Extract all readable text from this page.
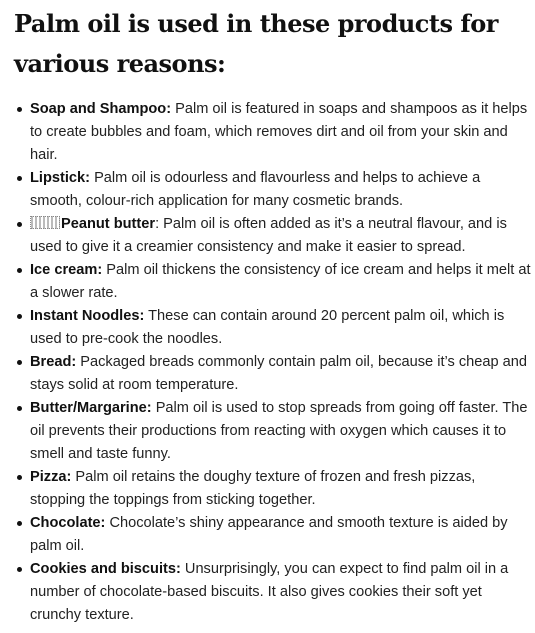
Palm oil is used in these products for various reasons:
Soap and Shampoo: Palm oil is featured in soaps and shampoos as it helps to create bubbles and foam, which removes dirt and oil from your skin and hair.
Lipstick: Palm oil is odourless and flavourless and helps to achieve a smooth, colour-rich application for many cosmetic brands.
Peanut butter: Palm oil is often added as it’s a neutral flavour, and is used to give it a creamier consistency and make it easier to spread.
Ice cream: Palm oil thickens the consistency of ice cream and helps it melt at a slower rate.
Instant Noodles: These can contain around 20 percent palm oil, which is used to pre-cook the noodles.
Bread: Packaged breads commonly contain palm oil, because it’s cheap and stays solid at room temperature.
Butter/Margarine: Palm oil is used to stop spreads from going off faster. The oil prevents their productions from reacting with oxygen which causes it to smell and taste funny.
Pizza: Palm oil retains the doughy texture of frozen and fresh pizzas, stopping the toppings from sticking together.
Chocolate: Chocolate’s shiny appearance and smooth texture is aided by palm oil.
Cookies and biscuits: Unsurprisingly, you can expect to find palm oil in a number of chocolate-based biscuits. It also gives cookies their soft yet crunchy texture.
